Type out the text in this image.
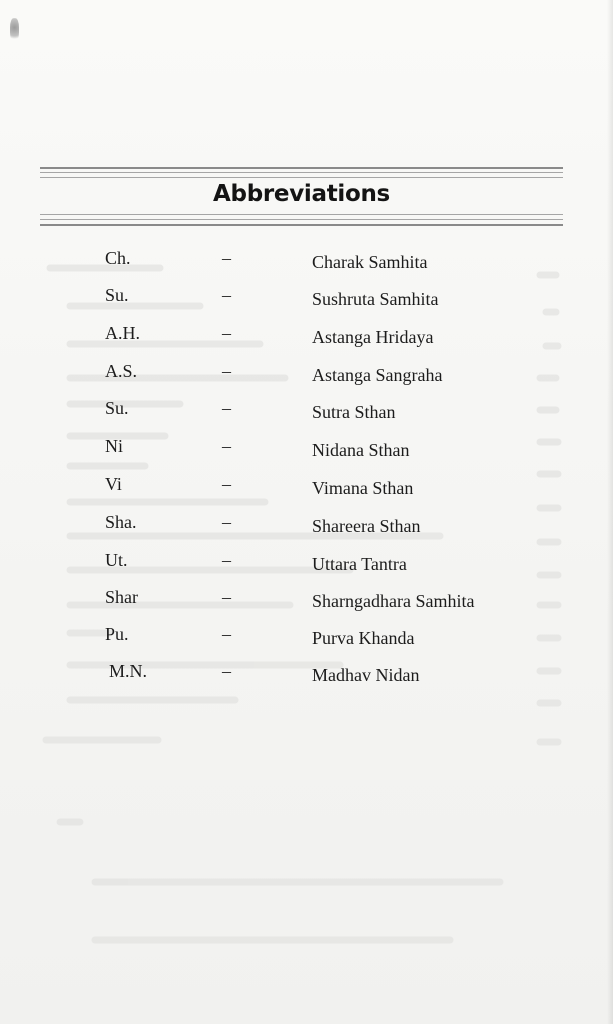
Abbreviations
Ch.	–	Charak Samhita
Su.	–	Sushruta Samhita
A.H.	–	Astanga Hridaya
A.S.	–	Astanga Sangraha
Su.	–	Sutra Sthan
Ni	–	Nidana Sthan
Vi	–	Vimana Sthan
Sha.	–	Shareera Sthan
Ut.	–	Uttara Tantra
Shar	–	Sharngadhara Samhita
Pu.	–	Purva Khanda
M.N.	–	Madhav Nidan
